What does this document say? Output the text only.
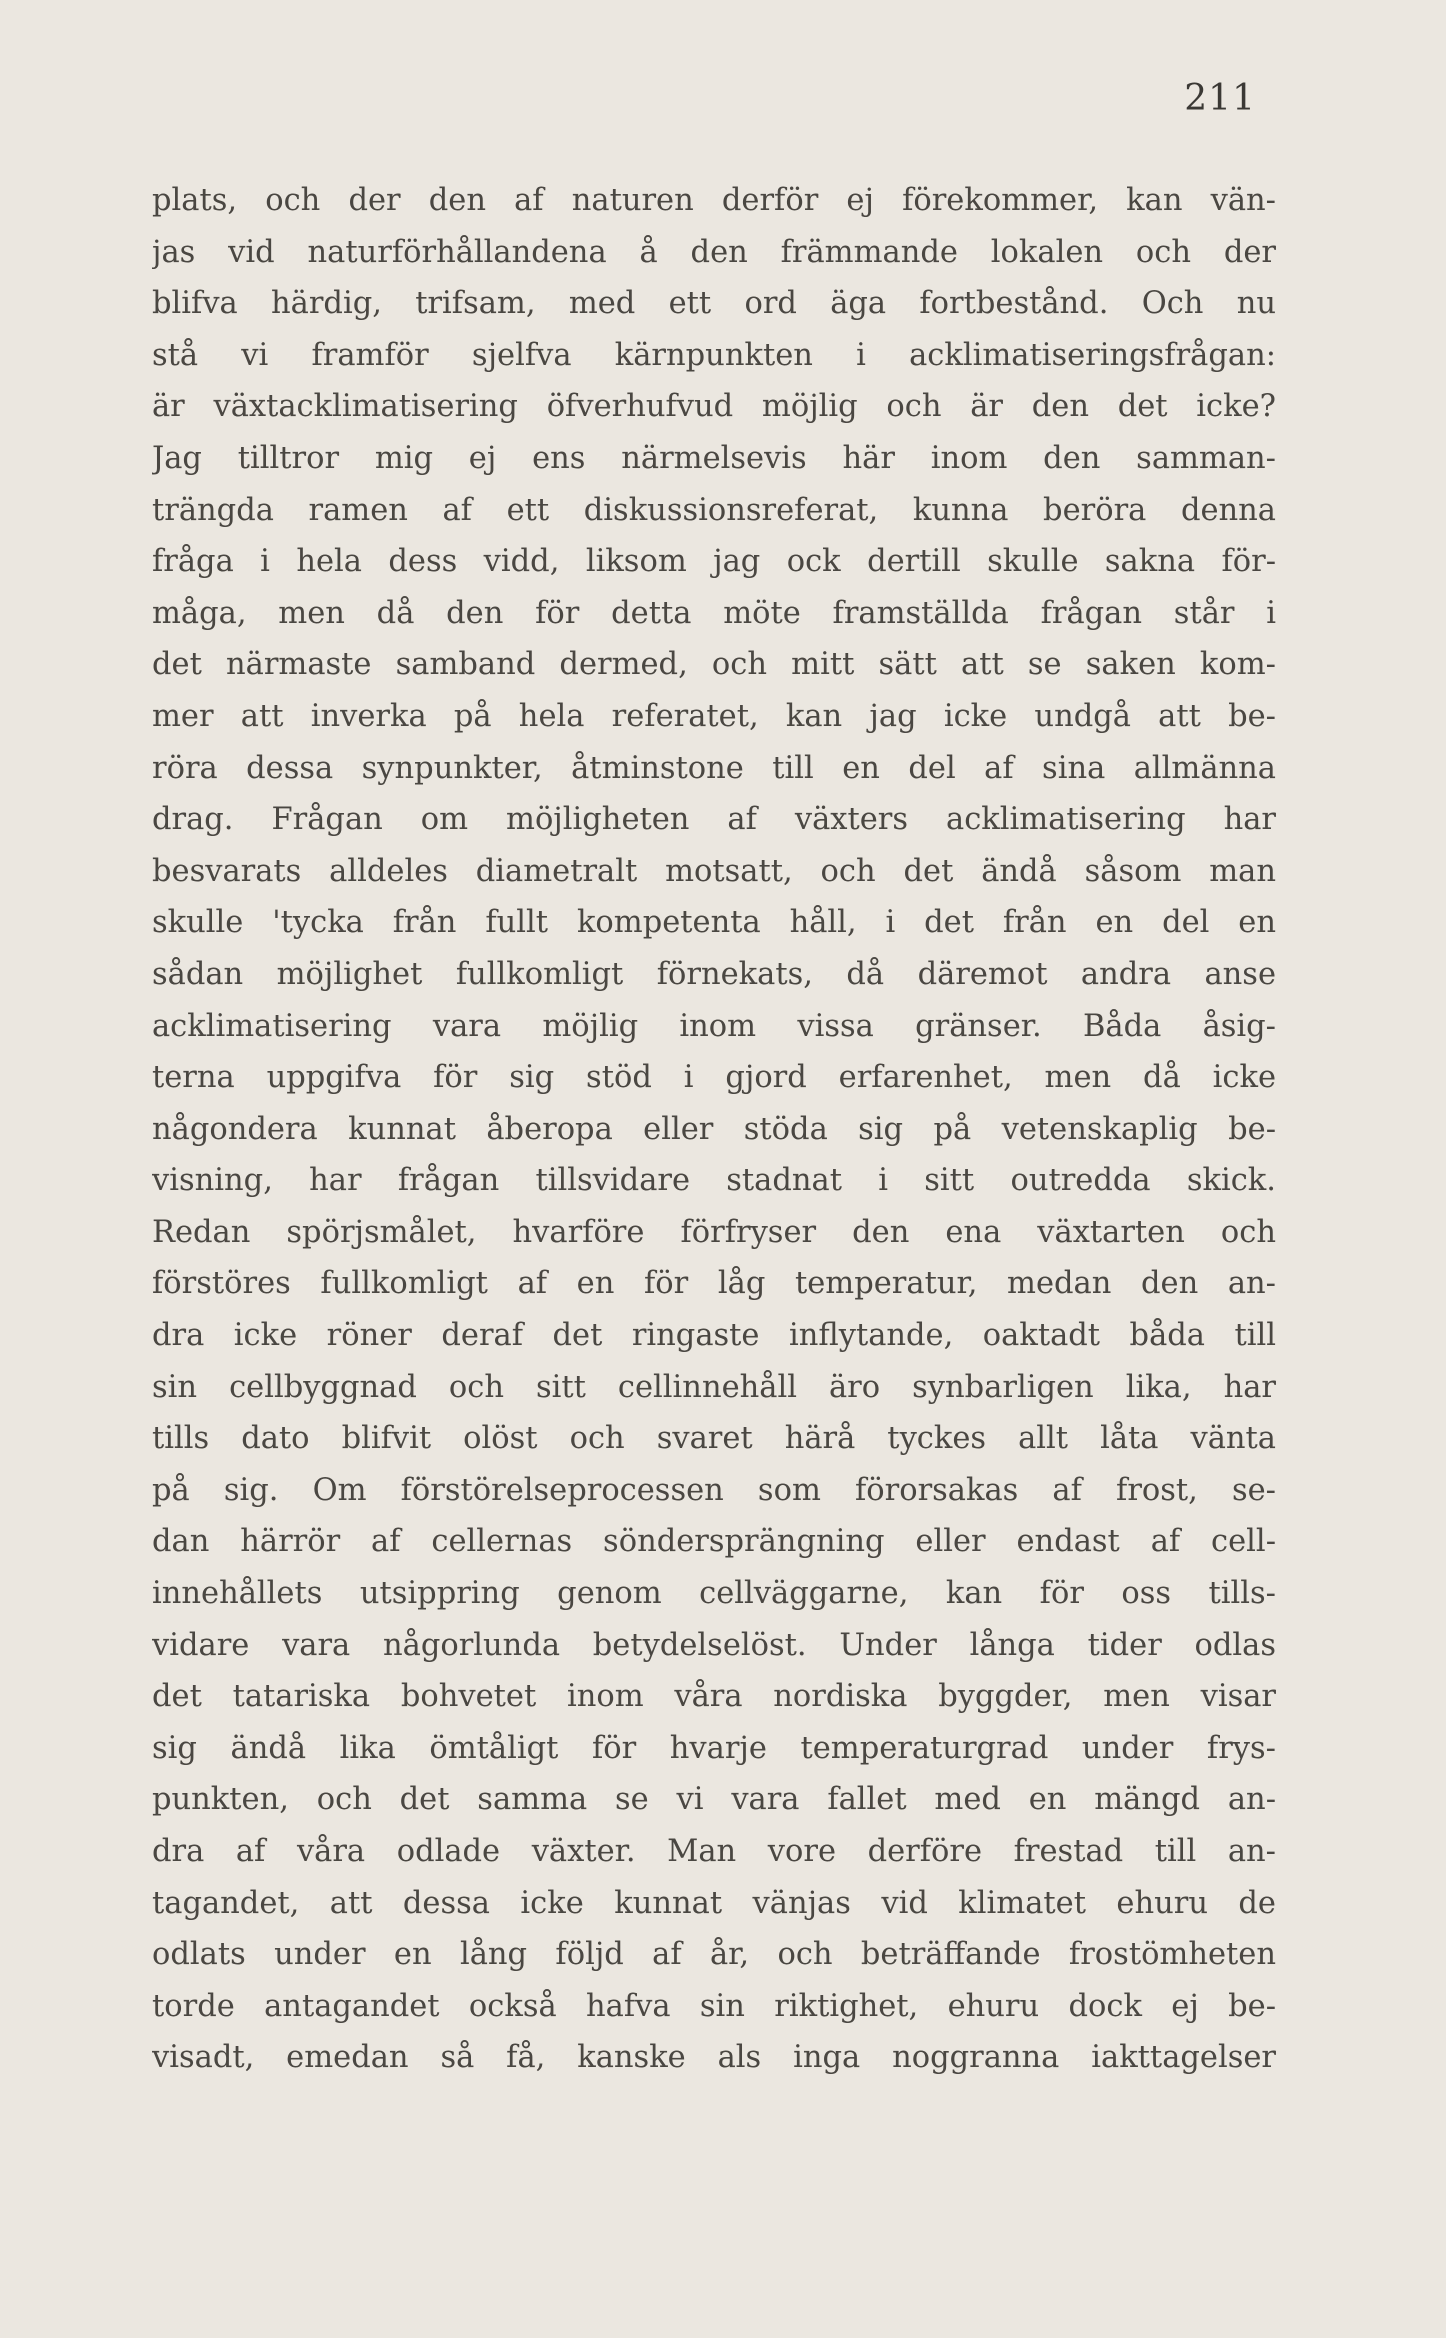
211
plats, och der den af naturen derför ej förekommer, kan vän-
jas vid naturförhållandena å den främmande lokalen och der
blifva härdig, trifsam, med ett ord äga fortbestånd. Och nu
stå vi framför sjelfva kärnpunkten i acklimatiseringsfrågan:
är växtacklimatisering öfverhufvud möjlig och är den det icke?
Jag tilltror mig ej ens närmelsevis här inom den samman-
trängda ramen af ett diskussionsreferat, kunna beröra denna
fråga i hela dess vidd, liksom jag ock dertill skulle sakna för-
måga, men då den för detta möte framställda frågan står i
det närmaste samband dermed, och mitt sätt att se saken kom-
mer att inverka på hela referatet, kan jag icke undgå att be-
röra dessa synpunkter, åtminstone till en del af sina allmänna
drag. Frågan om möjligheten af växters acklimatisering har
besvarats alldeles diametralt motsatt, och det ändå såsom man
skulle 'tycka från fullt kompetenta håll, i det från en del en
sådan möjlighet fullkomligt förnekats, då däremot andra anse
acklimatisering vara möjlig inom vissa gränser. Båda åsig-
terna uppgifva för sig stöd i gjord erfarenhet, men då icke
någondera kunnat åberopa eller stöda sig på vetenskaplig be-
visning, har frågan tillsvidare stadnat i sitt outredda skick.
Redan spörjsmålet, hvarföre förfryser den ena växtarten och
förstöres fullkomligt af en för låg temperatur, medan den an-
dra icke röner deraf det ringaste inflytande, oaktadt båda till
sin cellbyggnad och sitt cellinnehåll äro synbarligen lika, har
tills dato blifvit olöst och svaret härå tyckes allt låta vänta
på sig. Om förstörelseprocessen som förorsakas af frost, se-
dan härrör af cellernas söndersprängning eller endast af cell-
innehållets utsippring genom cellväggarne, kan för oss tills-
vidare vara någorlunda betydelselöst. Under långa tider odlas
det tatariska bohvetet inom våra nordiska byggder, men visar
sig ändå lika ömtåligt för hvarje temperaturgrad under frys-
punkten, och det samma se vi vara fallet med en mängd an-
dra af våra odlade växter. Man vore derföre frestad till an-
tagandet, att dessa icke kunnat vänjas vid klimatet ehuru de
odlats under en lång följd af år, och beträffande frostömheten
torde antagandet också hafva sin riktighet, ehuru dock ej be-
visadt, emedan så få, kanske als inga noggranna iakttagelser
